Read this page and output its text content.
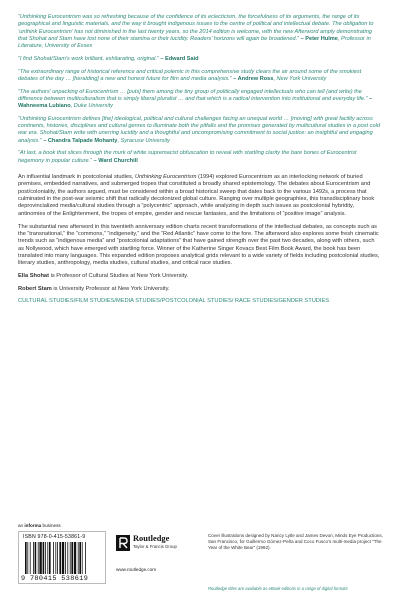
“Unthinking Eurocentrism was so refreshing because of the confidence of its eclecticism, the forcefulness of its arguments, the range of its geographical and linguistic materials, and the way it brought indigenous issues to the centre of political and intellectual debate. The obligation to ‘unthink Eurocentrism’ has not diminished in the last twenty years, so the 2014 edition is welcome, with the new Afterword amply demonstrating that Shohat and Stam have lost none of their stamina or their lucidity. Readers’ horizons will again be broadened.” – Peter Hulme, Professor in Literature, University of Essex
“I find Shohat/Stam’s work brilliant, exhilarating, original.” – Edward Said
“The extraordinary range of historical reference and critical polemic in this comprehensive study clears the air around some of the smokiest debates of the day … [heralding] a new and honest future for film and media analysis.” – Andrew Ross, New York University
“The authors’ unpacking of Eurocentrism … [puts] them among the tiny group of politically engaged intellectuals who can tell (and write) the difference between multiculturalism that is simply liberal pluralist … and that which is a radical intervention into institutional and everyday life.” – Wahneema Lubiano, Duke University
“Unthinking Eurocentrism defines [the] ideological, political and cultural challenges facing an unequal world … [moving] with great facility across continents, histories, disciplines and cultural genres to illuminate both the pitfalls and the promises generated by multicultural studies in a post cold war era. Shohat/Stam write with unerring lucidity and a thoughtful and uncompromising commitment to social justice: an insightful and engaging analysis.” – Chandra Talpade Mohanty, Syracuse University
“At last, a book that slices through the murk of white supremacist obfuscation to reveal with startling clarity the bare bones of Eurocentrist hegemony in popular culture.” – Ward Churchill

An influential landmark in postcolonial studies, Unthinking Eurocentrism (1994) explored Eurocentrism as an interlocking network of buried premises, embedded narratives, and submerged tropes that constituted a broadly shared epistemology. The debates about Eurocentrism and post/coloniality, the authors argued, must be considered within a broad historical sweep that dates back to the various 1492s, a process that culminated in the post-war seismic shift that radically decolonized global culture. Ranging over multiple geographies, this transdisciplinary book deprovincialized media/cultural studies through a “polycentric” approach, while analyzing in depth such issues as postcolonial hybridity, antinomies of the Enlightenment, the tropes of empire, gender and rescue fantasies, and the limitations of “positive image” analysis.

The substantial new afterword in this twentieth anniversary edition charts recent transformations of the intellectual debates, as concepts such as the “transnational,” the “commons,” “indigeneity,” and the “Red Atlantic” have come to the fore. The afterword also explores some fresh cinematic trends such as “indigenous media” and “postcolonial adaptations” that have gained strength over the past two decades, along with others, such as Nollywood, which have emerged with startling force. Winner of the Katherine Singer Kovacs Best Film Book Award, the book has been translated into many languages. This expanded edition proposes analytical grids relevant to a wide variety of fields including postcolonial studies, literary studies, anthropology, media studies, cultural studies, and critical race studies.

Ella Shohat is Professor of Cultural Studies at New York University.

Robert Stam is University Professor at New York University.

CULTURAL STUDIES/FILM STUDIES/MEDIA STUDIES/POSTCOLONIAL STUDIES/ RACE STUDIES/GENDER STUDIES

an informa business
ISBN 978-0-415-53861-9
9 780415 538619
Routledge
Taylor & Francis Group
www.routledge.com
Cover illustrations designed by Nancy Lytle and James Devon, Minds Eye Productions, San Francisco, for Guillermo Gómez-Peña and Coco Fusco’s multi-media project “The Year of the White Bear” (1992).
Routledge titles are available as eBook editions in a range of digital formats
